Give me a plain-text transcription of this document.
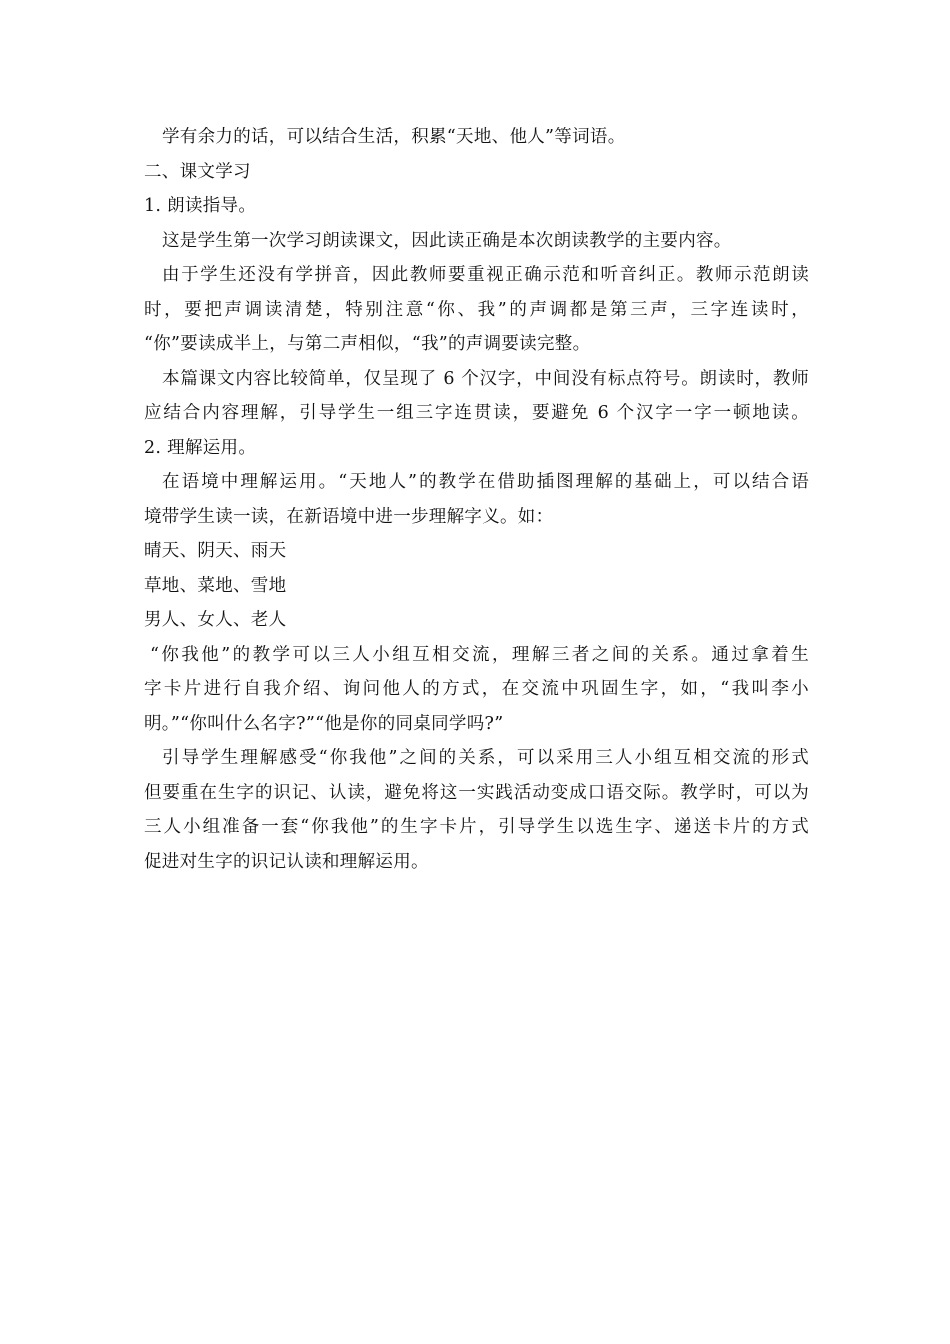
学有余力的话，可以结合生活，积累“天地、他人”等词语。
二、课文学习
1. 朗读指导。
这是学生第一次学习朗读课文，因此读正确是本次朗读教学的主要内容。
由于学生还没有学拼音，因此教师要重视正确示范和听音纠正。教师示范朗读
时，要把声调读清楚，特别注意“你、我”的声调都是第三声，三字连读时，
“你”要读成半上，与第二声相似，“我”的声调要读完整。
本篇课文内容比较简单，仅呈现了 6 个汉字，中间没有标点符号。朗读时，教师
应结合内容理解，引导学生一组三字连贯读，要避免 6 个汉字一字一顿地读。
2. 理解运用。
在语境中理解运用。“天地人”的教学在借助插图理解的基础上，可以结合语
境带学生读一读，在新语境中进一步理解字义。如：
晴天、阴天、雨天
草地、菜地、雪地
男人、女人、老人
“你我他”的教学可以三人小组互相交流，理解三者之间的关系。通过拿着生
字卡片进行自我介绍、询问他人的方式，在交流中巩固生字，如，“我叫李小
明。”“你叫什么名字?”“他是你的同桌同学吗?”
引导学生理解感受“你我他”之间的关系，可以采用三人小组互相交流的形式
但要重在生字的识记、认读，避免将这一实践活动变成口语交际。教学时，可以为
三人小组准备一套“你我他”的生字卡片，引导学生以选生字、递送卡片的方式
促进对生字的识记认读和理解运用。
